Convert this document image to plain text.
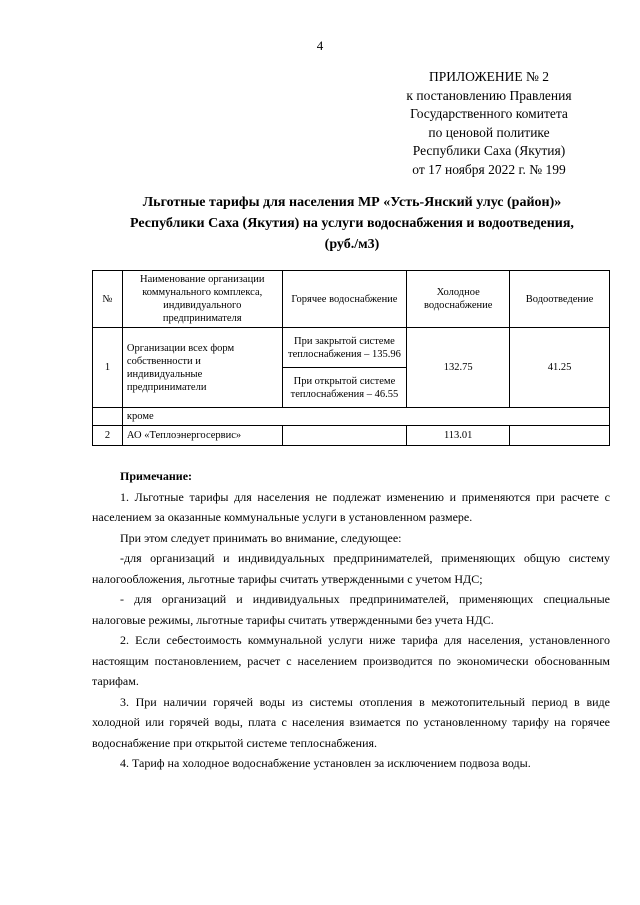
4
ПРИЛОЖЕНИЕ № 2
к постановлению Правления
Государственного комитета
по ценовой политике
Республики Саха (Якутия)
от 17 ноября 2022 г. № 199
Льготные тарифы для населения МР «Усть-Янский улус (район)»
Республики Саха (Якутия) на услуги водоснабжения и водоотведения,
(руб./м3)
№	Наименование организации коммунального комплекса, индивидуального предпринимателя	Горячее водоснабжение	Холодное водоснабжение	Водоотведение
1	Организации всех форм собственности и индивидуальные предприниматели	При закрытой системе теплоснабжения – 135.96	132.75	41.25
		При открытой системе теплоснабжения – 46.55		
	кроме			
2	АО «Теплоэнергосервис»		113.01	

Примечание:

1. Льготные тарифы для населения не подлежат изменению и применяются при расчете с населением за оказанные коммунальные услуги в установленном размере.

При этом следует принимать во внимание, следующее:

-для организаций и индивидуальных предпринимателей, применяющих общую систему налогообложения, льготные тарифы считать утвержденными с учетом НДС;

- для организаций и индивидуальных предпринимателей, применяющих специальные налоговые режимы, льготные тарифы считать утвержденными без учета НДС.

2. Если себестоимость коммунальной услуги ниже тарифа для населения, установленного настоящим постановлением, расчет с населением производится по экономически обоснованным тарифам.

3. При наличии горячей воды из системы отопления в межотопительный период в виде холодной или горячей воды, плата с населения взимается по установленному тарифу на горячее водоснабжение при открытой системе теплоснабжения.

4. Тариф на холодное водоснабжение установлен за исключением подвоза воды.
